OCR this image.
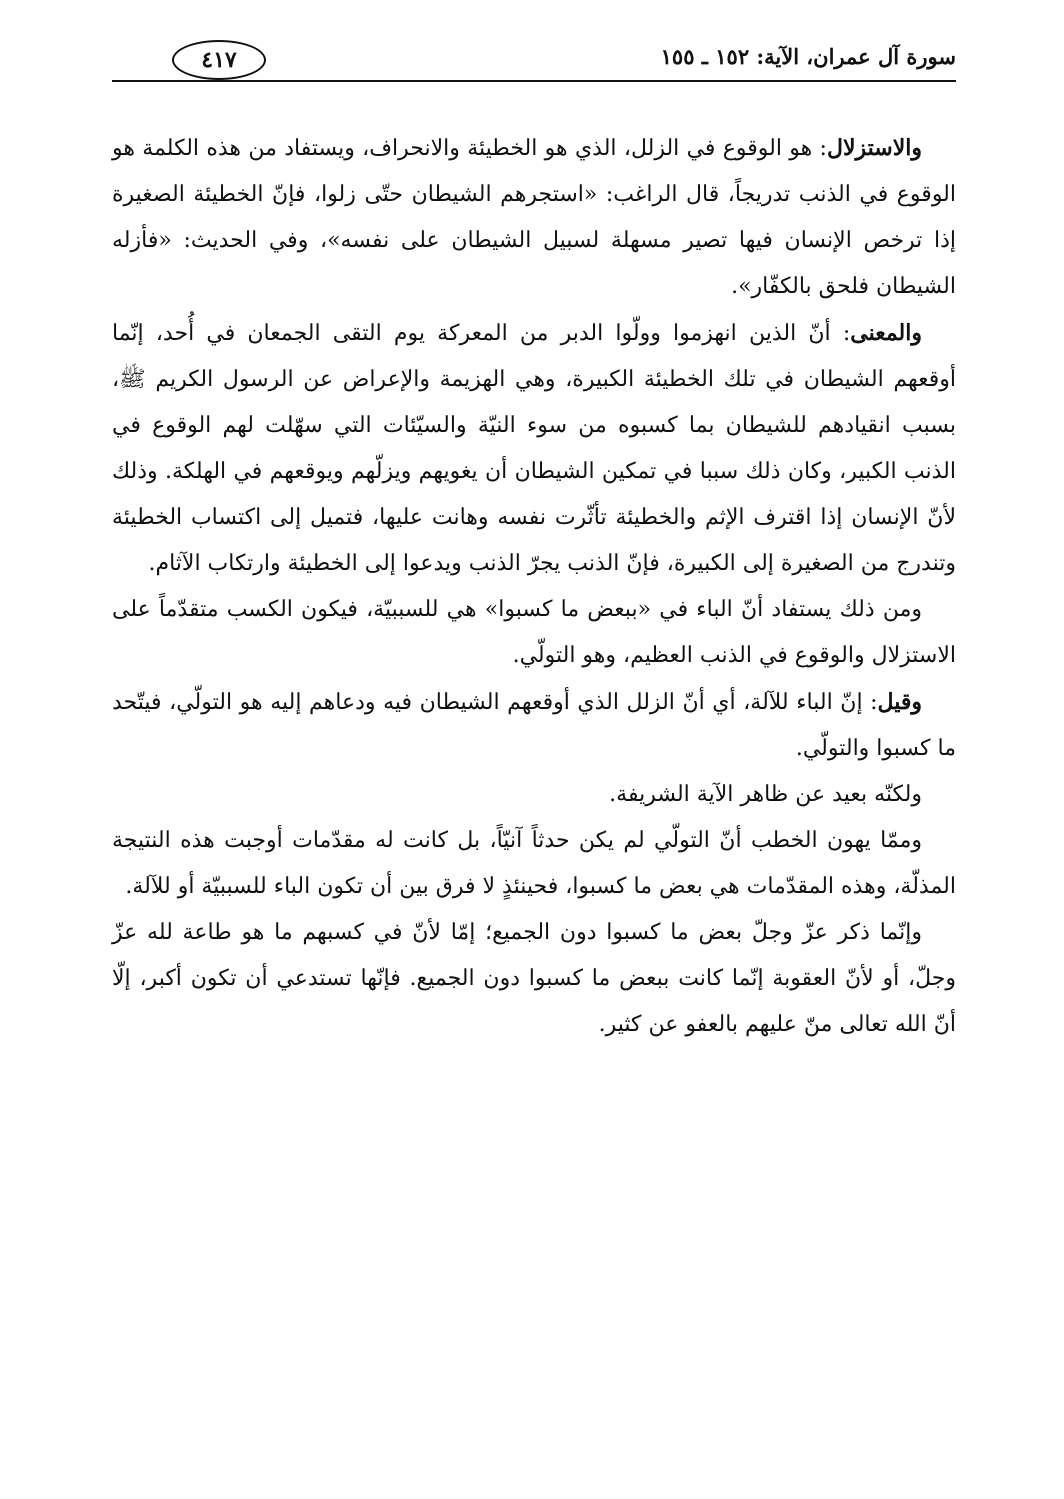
سورة آل عمران، الآية: ١٥٢ ـ ١٥٥
٤١٧

والاستزلال: هو الوقوع في الزلل، الذي هو الخطيئة والانحراف، ويستفاد من هذه الكلمة هو الوقوع في الذنب تدريجاً، قال الراغب: «استجرهم الشيطان حتّى زلوا، فإنّ الخطيئة الصغيرة إذا ترخص الإنسان فيها تصير مسهلة لسبيل الشيطان على نفسه»، وفي الحديث: «فأزله الشيطان فلحق بالكفّار».

والمعنى: أنّ الذين انهزموا وولّوا الدبر من المعركة يوم التقى الجمعان في أُحد، إنّما أوقعهم الشيطان في تلك الخطيئة الكبيرة، وهي الهزيمة والإعراض عن الرسول الكريم ﷺ، بسبب انقيادهم للشيطان بما كسبوه من سوء النيّة والسيّئات التي سهّلت لهم الوقوع في الذنب الكبير، وكان ذلك سببا في تمكين الشيطان أن يغويهم ويزلّهم ويوقعهم في الهلكة. وذلك لأنّ الإنسان إذا اقترف الإثم والخطيئة تأثّرت نفسه وهانت عليها، فتميل إلى اكتساب الخطيئة وتندرج من الصغيرة إلى الكبيرة، فإنّ الذنب يجرّ الذنب ويدعوا إلى الخطيئة وارتكاب الآثام.

ومن ذلك يستفاد أنّ الباء في «ببعض ما كسبوا» هي للسببيّة، فيكون الكسب متقدّماً على الاستزلال والوقوع في الذنب العظيم، وهو التولّي.

وقيل: إنّ الباء للآلة، أي أنّ الزلل الذي أوقعهم الشيطان فيه ودعاهم إليه هو التولّي، فيتّحد ما كسبوا والتولّي.

ولكنّه بعيد عن ظاهر الآية الشريفة.

وممّا يهون الخطب أنّ التولّي لم يكن حدثاً آنيّاً، بل كانت له مقدّمات أوجبت هذه النتيجة المذلّة، وهذه المقدّمات هي بعض ما كسبوا، فحينئذٍ لا فرق بين أن تكون الباء للسببيّة أو للآلة.

وإنّما ذكر عزّ وجلّ بعض ما كسبوا دون الجميع؛ إمّا لأنّ في كسبهم ما هو طاعة لله عزّ وجلّ، أو لأنّ العقوبة إنّما كانت ببعض ما كسبوا دون الجميع. فإنّها تستدعي أن تكون أكبر، إلّا أنّ الله تعالى منّ عليهم بالعفو عن كثير.
